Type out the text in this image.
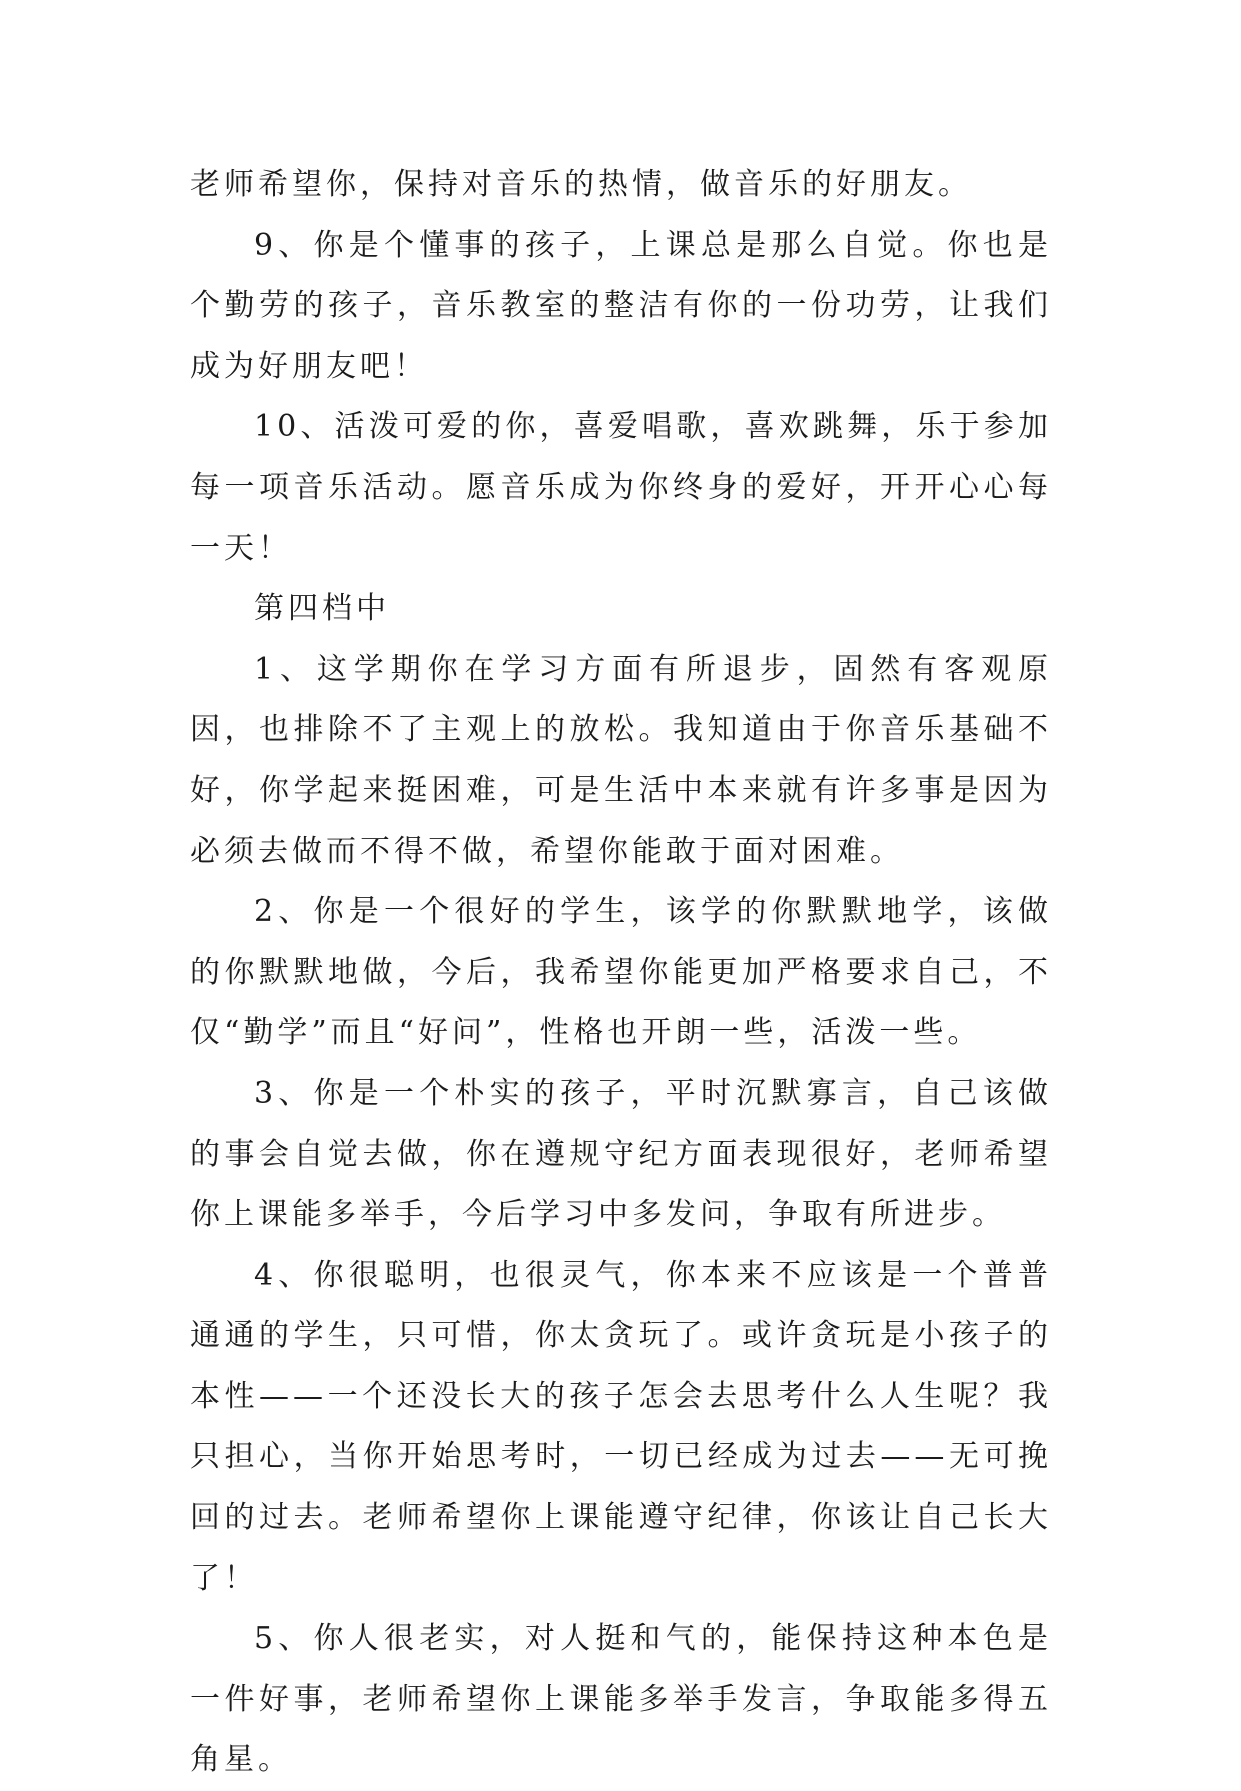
老师希望你，保持对音乐的热情，做音乐的好朋友。

9、你是个懂事的孩子，上课总是那么自觉。你也是个勤劳的孩子，音乐教室的整洁有你的一份功劳，让我们成为好朋友吧！

10、活泼可爱的你，喜爱唱歌，喜欢跳舞，乐于参加每一项音乐活动。愿音乐成为你终身的爱好，开开心心每一天！

第四档中

1、这学期你在学习方面有所退步，固然有客观原因，也排除不了主观上的放松。我知道由于你音乐基础不好，你学起来挺困难，可是生活中本来就有许多事是因为必须去做而不得不做，希望你能敢于面对困难。

2、你是一个很好的学生，该学的你默默地学，该做的你默默地做，今后，我希望你能更加严格要求自己，不仅“勤学”而且“好问”，性格也开朗一些，活泼一些。

3、你是一个朴实的孩子，平时沉默寡言，自己该做的事会自觉去做，你在遵规守纪方面表现很好，老师希望你上课能多举手，今后学习中多发问，争取有所进步。

4、你很聪明，也很灵气，你本来不应该是一个普普通通的学生，只可惜，你太贪玩了。或许贪玩是小孩子的本性——一个还没长大的孩子怎会去思考什么人生呢？我只担心，当你开始思考时，一切已经成为过去——无可挽回的过去。老师希望你上课能遵守纪律，你该让自己长大了！

5、你人很老实，对人挺和气的，能保持这种本色是一件好事，老师希望你上课能多举手发言，争取能多得五角星。
